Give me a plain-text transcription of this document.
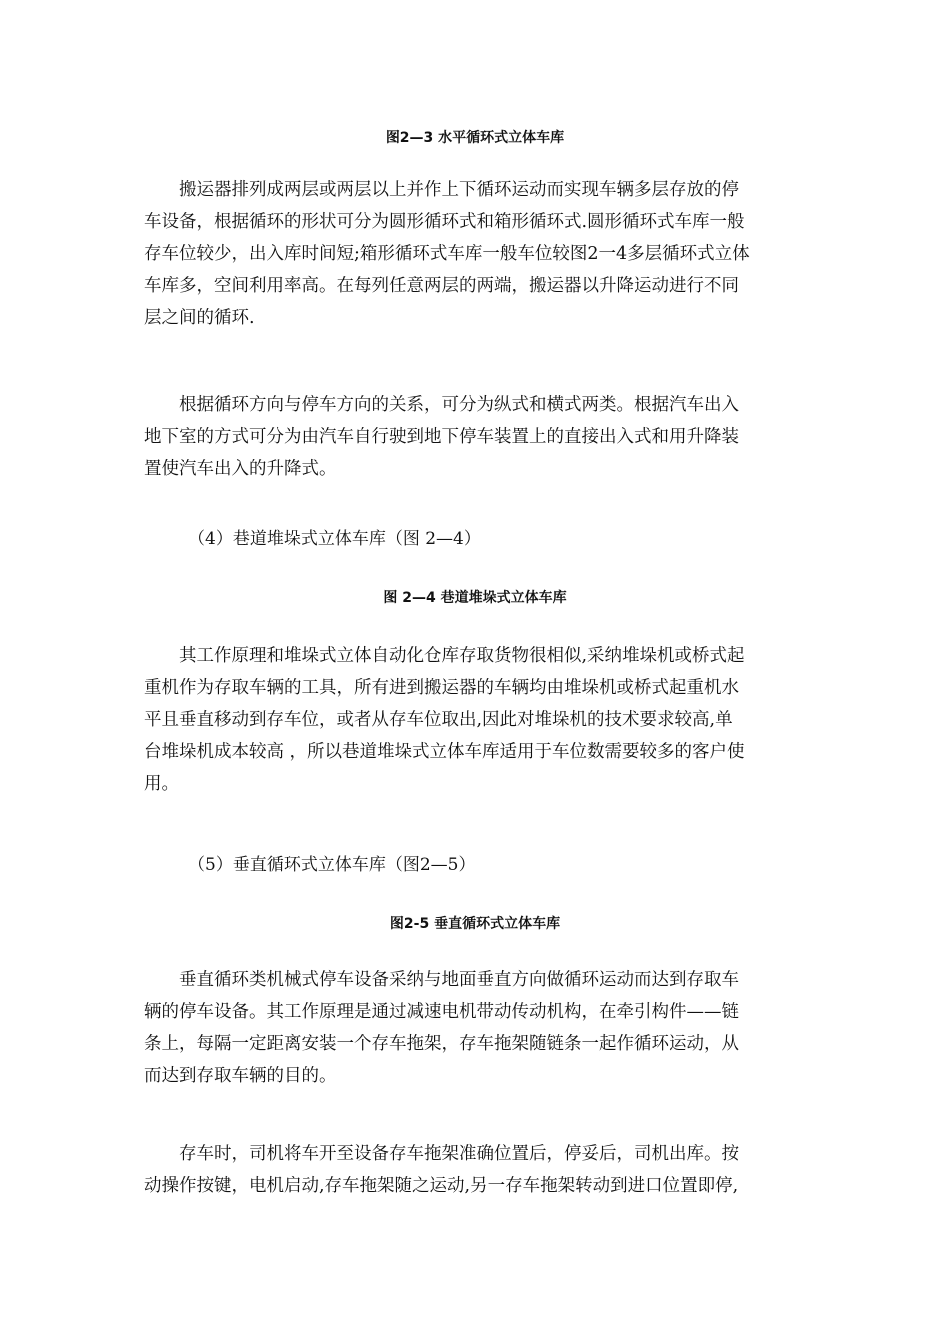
图2—3 水平循环式立体车库
　　搬运器排列成两层或两层以上并作上下循环运动而实现车辆多层存放的停
车设备，根据循环的形状可分为圆形循环式和箱形循环式.圆形循环式车库一般
存车位较少，出入库时间短;箱形循环式车库一般车位较图2一4多层循环式立体
车库多，空间利用率高。在每列任意两层的两端，搬运器以升降运动进行不同
层之间的循环.
　　根据循环方向与停车方向的关系，可分为纵式和横式两类。根据汽车出入
地下室的方式可分为由汽车自行驶到地下停车装置上的直接出入式和用升降装
置使汽车出入的升降式。
（4）巷道堆垛式立体车库（图 2—4）
图 2—4 巷道堆垛式立体车库
　　其工作原理和堆垛式立体自动化仓库存取货物很相似,采纳堆垛机或桥式起
重机作为存取车辆的工具，所有进到搬运器的车辆均由堆垛机或桥式起重机水
平且垂直移动到存车位，或者从存车位取出,因此对堆垛机的技术要求较高,单
台堆垛机成本较高 ，所以巷道堆垛式立体车库适用于车位数需要较多的客户使
用。
（5）垂直循环式立体车库（图2—5）
图2-5 垂直循环式立体车库
　　垂直循环类机械式停车设备采纳与地面垂直方向做循环运动而达到存取车
辆的停车设备。其工作原理是通过减速电机带动传动机构，在牵引构件——链
条上，每隔一定距离安装一个存车拖架，存车拖架随链条一起作循环运动，从
而达到存取车辆的目的。
　　存车时，司机将车开至设备存车拖架准确位置后，停妥后，司机出库。按
动操作按键，电机启动,存车拖架随之运动,另一存车拖架转动到进口位置即停,
